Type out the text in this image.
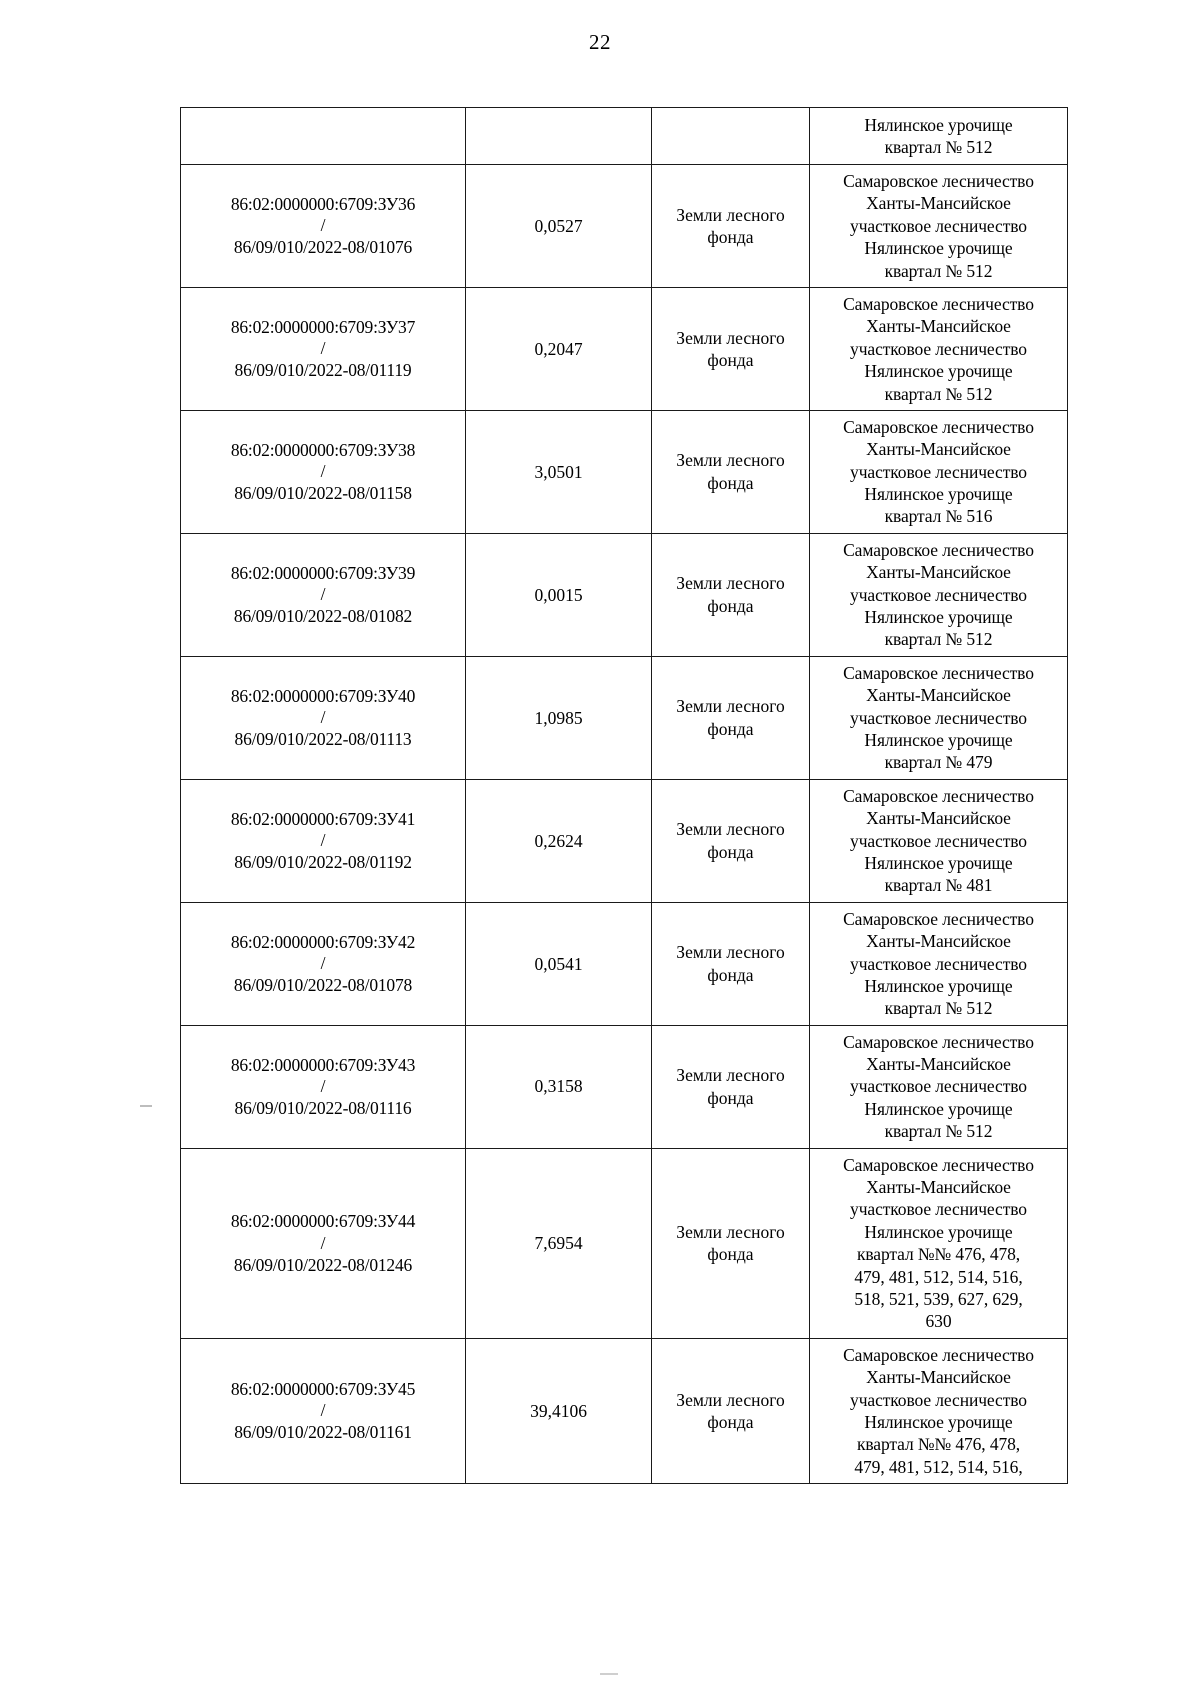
22

			Нялинское урочище
квартал № 512

86:02:0000000:6709:ЗУ36
/
86/09/010/2022-08/01076	0,0527	Земли лесного фонда	Самаровское лесничество
Ханты-Мансийское
участковое лесничество
Нялинское урочище
квартал № 512

86:02:0000000:6709:ЗУ37
/
86/09/010/2022-08/01119	0,2047	Земли лесного фонда	Самаровское лесничество
Ханты-Мансийское
участковое лесничество
Нялинское урочище
квартал № 512

86:02:0000000:6709:ЗУ38
/
86/09/010/2022-08/01158	3,0501	Земли лесного фонда	Самаровское лесничество
Ханты-Мансийское
участковое лесничество
Нялинское урочище
квартал № 516

86:02:0000000:6709:ЗУ39
/
86/09/010/2022-08/01082	0,0015	Земли лесного фонда	Самаровское лесничество
Ханты-Мансийское
участковое лесничество
Нялинское урочище
квартал № 512

86:02:0000000:6709:ЗУ40
/
86/09/010/2022-08/01113	1,0985	Земли лесного фонда	Самаровское лесничество
Ханты-Мансийское
участковое лесничество
Нялинское урочище
квартал № 479

86:02:0000000:6709:ЗУ41
/
86/09/010/2022-08/01192	0,2624	Земли лесного фонда	Самаровское лесничество
Ханты-Мансийское
участковое лесничество
Нялинское урочище
квартал № 481

86:02:0000000:6709:ЗУ42
/
86/09/010/2022-08/01078	0,0541	Земли лесного фонда	Самаровское лесничество
Ханты-Мансийское
участковое лесничество
Нялинское урочище
квартал № 512

86:02:0000000:6709:ЗУ43
/
86/09/010/2022-08/01116	0,3158	Земли лесного фонда	Самаровское лесничество
Ханты-Мансийское
участковое лесничество
Нялинское урочище
квартал № 512

86:02:0000000:6709:ЗУ44
/
86/09/010/2022-08/01246
	7,6954	Земли лесного фонда	
Самаровское лесничество
Ханты-Мансийское
участковое лесничество
Нялинское урочище
квартал №№ 476, 478,
479, 481, 512, 514, 516,
518, 521, 539, 627, 629,
630

86:02:0000000:6709:ЗУ45
/
86/09/010/2022-08/01161
	39,4106	Земли лесного фонда	
Самаровское лесничество
Ханты-Мансийское
участковое лесничество
Нялинское урочище
квартал №№ 476, 478,
479, 481, 512, 514, 516,
